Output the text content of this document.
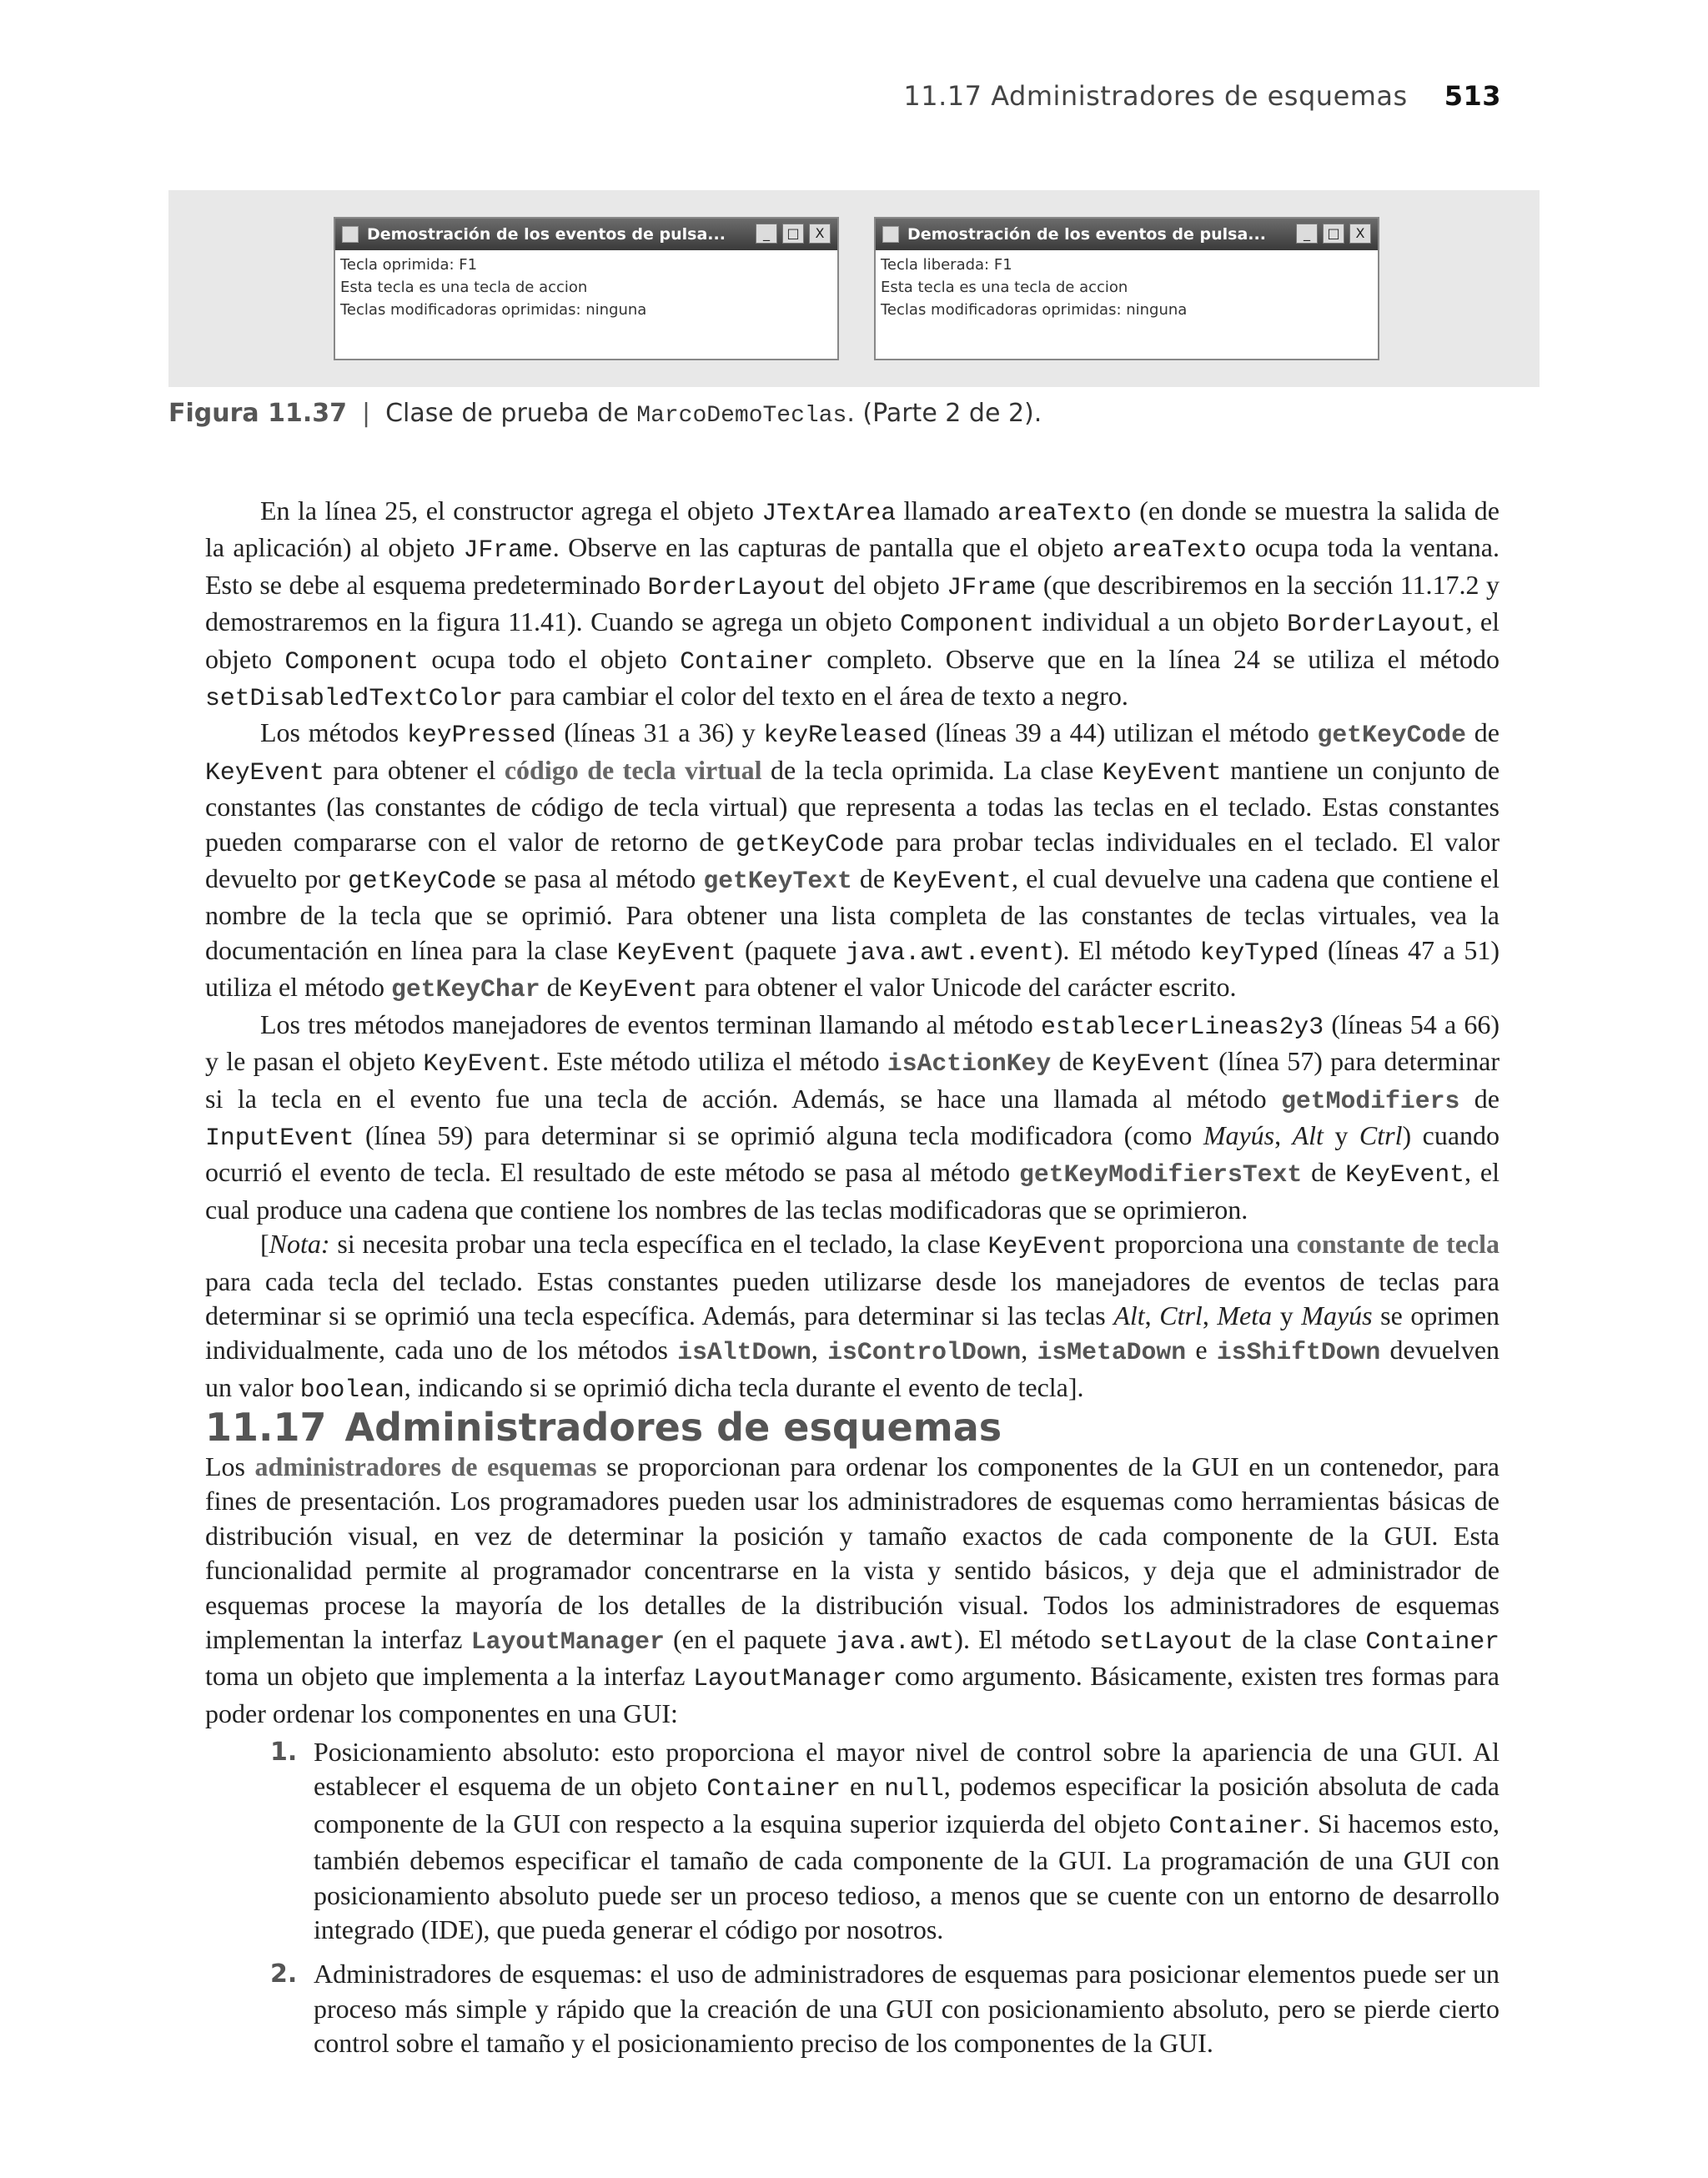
11.17 Administradores de esquemas 513
Demostración de los eventos de pulsa...	_	□	X
Tecla oprimida: F1
Esta tecla es una tecla de accion
Teclas modificadoras oprimidas: ninguna
Demostración de los eventos de pulsa...	_	□	X
Tecla liberada: F1
Esta tecla es una tecla de accion
Teclas modificadoras oprimidas: ninguna
Figura 11.37 | Clase de prueba de MarcoDemoTeclas. (Parte 2 de 2).

En la línea 25, el constructor agrega el objeto JTextArea llamado areaTexto (en donde se muestra la salida de la aplicación) al objeto JFrame. Observe en las capturas de pantalla que el objeto areaTexto ocupa toda la ventana. Esto se debe al esquema predeterminado BorderLayout del objeto JFrame (que describiremos en la sección 11.17.2 y demostraremos en la figura 11.41). Cuando se agrega un objeto Component individual a un objeto BorderLayout, el objeto Component ocupa todo el objeto Container completo. Observe que en la línea 24 se utiliza el método setDisabledTextColor para cambiar el color del texto en el área de texto a negro.

Los métodos keyPressed (líneas 31 a 36) y keyReleased (líneas 39 a 44) utilizan el método getKeyCode de KeyEvent para obtener el código de tecla virtual de la tecla oprimida. La clase KeyEvent mantiene un conjunto de constantes (las constantes de código de tecla virtual) que representa a todas las teclas en el teclado. Estas constantes pueden compararse con el valor de retorno de getKeyCode para probar teclas individuales en el teclado. El valor devuelto por getKeyCode se pasa al método getKeyText de KeyEvent, el cual devuelve una cadena que contiene el nombre de la tecla que se oprimió. Para obtener una lista completa de las constantes de teclas virtuales, vea la documentación en línea para la clase KeyEvent (paquete java.awt.event). El método keyTyped (líneas 47 a 51) utiliza el método getKeyChar de KeyEvent para obtener el valor Unicode del carácter escrito.

Los tres métodos manejadores de eventos terminan llamando al método establecerLineas2y3 (líneas 54 a 66) y le pasan el objeto KeyEvent. Este método utiliza el método isActionKey de KeyEvent (línea 57) para determinar si la tecla en el evento fue una tecla de acción. Además, se hace una llamada al método getModifiers de InputEvent (línea 59) para determinar si se oprimió alguna tecla modificadora (como Mayús, Alt y Ctrl) cuando ocurrió el evento de tecla. El resultado de este método se pasa al método getKeyModifiersText de KeyEvent, el cual produce una cadena que contiene los nombres de las teclas modificadoras que se oprimieron.

[Nota: si necesita probar una tecla específica en el teclado, la clase KeyEvent proporciona una constante de tecla para cada tecla del teclado. Estas constantes pueden utilizarse desde los manejadores de eventos de teclas para determinar si se oprimió una tecla específica. Además, para determinar si las teclas Alt, Ctrl, Meta y Mayús se oprimen individualmente, cada uno de los métodos isAltDown, isControlDown, isMetaDown e isShiftDown devuelven un valor boolean, indicando si se oprimió dicha tecla durante el evento de tecla].

11.17 Administradores de esquemas

Los administradores de esquemas se proporcionan para ordenar los componentes de la GUI en un contenedor, para fines de presentación. Los programadores pueden usar los administradores de esquemas como herramientas básicas de distribución visual, en vez de determinar la posición y tamaño exactos de cada componente de la GUI. Esta funcionalidad permite al programador concentrarse en la vista y sentido básicos, y deja que el administrador de esquemas procese la mayoría de los detalles de la distribución visual. Todos los administradores de esquemas implementan la interfaz LayoutManager (en el paquete java.awt). El método setLayout de la clase Container toma un objeto que implementa a la interfaz LayoutManager como argumento. Básicamente, existen tres formas para poder ordenar los componentes en una GUI:

1. Posicionamiento absoluto: esto proporciona el mayor nivel de control sobre la apariencia de una GUI. Al establecer el esquema de un objeto Container en null, podemos especificar la posición absoluta de cada componente de la GUI con respecto a la esquina superior izquierda del objeto Container. Si hacemos esto, también debemos especificar el tamaño de cada componente de la GUI. La programación de una GUI con posicionamiento absoluto puede ser un proceso tedioso, a menos que se cuente con un entorno de desarrollo integrado (IDE), que pueda generar el código por nosotros.
2. Administradores de esquemas: el uso de administradores de esquemas para posicionar elementos puede ser un proceso más simple y rápido que la creación de una GUI con posicionamiento absoluto, pero se pierde cierto control sobre el tamaño y el posicionamiento preciso de los componentes de la GUI.
